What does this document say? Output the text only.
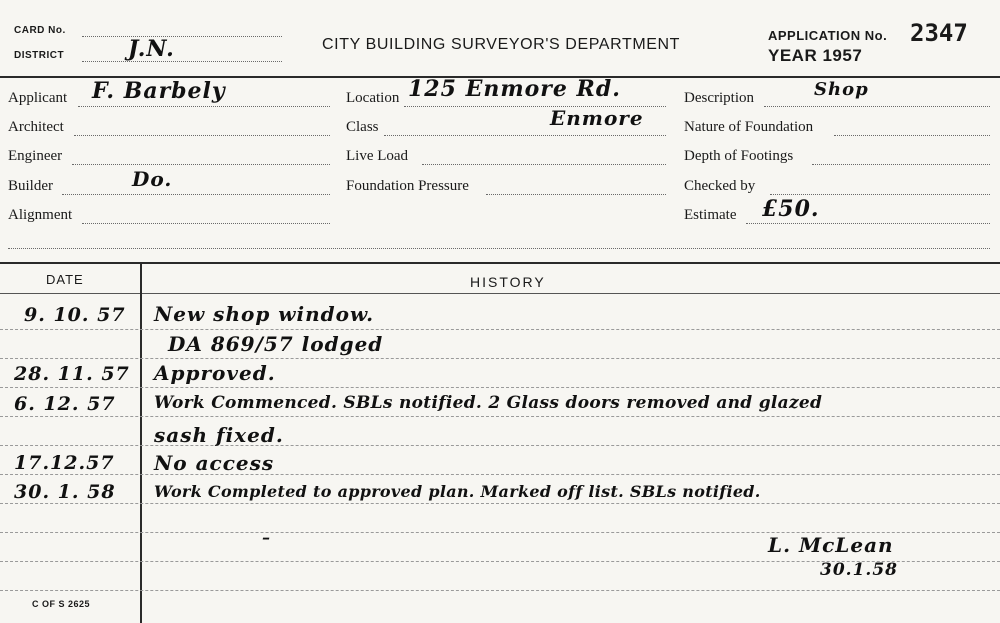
CARD No.
DISTRICT	J.N.	CITY BUILDING SURVEYOR'S DEPARTMENT
APPLICATION No. 2347
YEAR 1957
Applicant F. Barbely
Architect
Engineer
Builder	Do.
Alignment
Location 125 Enmore Rd.
Class	Enmore
Live Load
Foundation Pressure
Description	Shop
Nature of Foundation
Depth of Footings
Checked by
Estimate £50.
DATE	HISTORY
9. 10. 57 New shop window.
DA 869/57 lodged
28. 11. 57 Approved.
6. 12. 57 Work Commenced. SBLs notified. 2 Glass doors removed and glazed
sash fixed.
17.12.57 No access
30. 1. 58 Work Completed to approved plan. Marked off list. SBLs notified.
–	L. McLean
30.1.58
C OF S 2625
